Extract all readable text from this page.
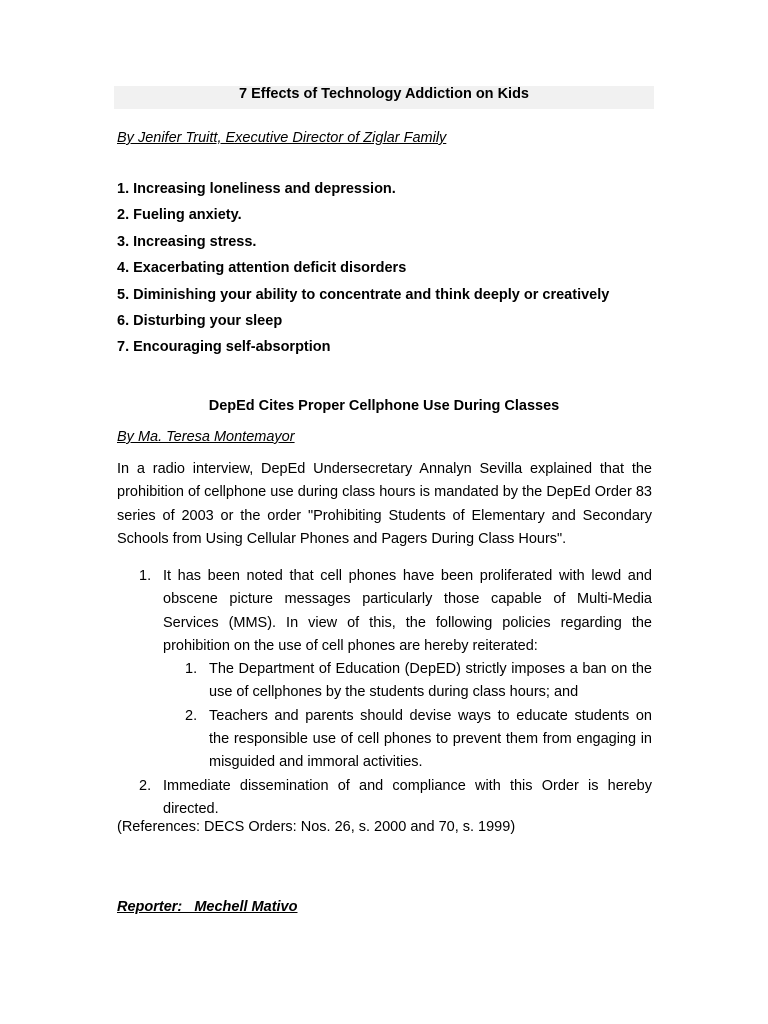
7 Effects of Technology Addiction on Kids
By Jenifer Truitt, Executive Director of Ziglar Family
1. Increasing loneliness and depression.
2. Fueling anxiety.
3. Increasing stress.
4. Exacerbating attention deficit disorders
5. Diminishing your ability to concentrate and think deeply or creatively
6. Disturbing your sleep
7. Encouraging self-absorption
DepEd Cites Proper Cellphone Use During Classes
By Ma. Teresa Montemayor
In a radio interview, DepEd Undersecretary Annalyn Sevilla explained that the prohibition of cellphone use during class hours is mandated by the DepEd Order 83 series of 2003 or the order "Prohibiting Students of Elementary and Secondary Schools from Using Cellular Phones and Pagers During Class Hours".
1. It has been noted that cell phones have been proliferated with lewd and obscene picture messages particularly those capable of Multi-Media Services (MMS). In view of this, the following policies regarding the prohibition on the use of cell phones are hereby reiterated:
1. The Department of Education (DepED) strictly imposes a ban on the use of cellphones by the students during class hours; and
2. Teachers and parents should devise ways to educate students on the responsible use of cell phones to prevent them from engaging in misguided and immoral activities.
2. Immediate dissemination of and compliance with this Order is hereby directed.
(References: DECS Orders: Nos. 26, s. 2000 and 70, s. 1999)
Reporter:   Mechell Mativo
